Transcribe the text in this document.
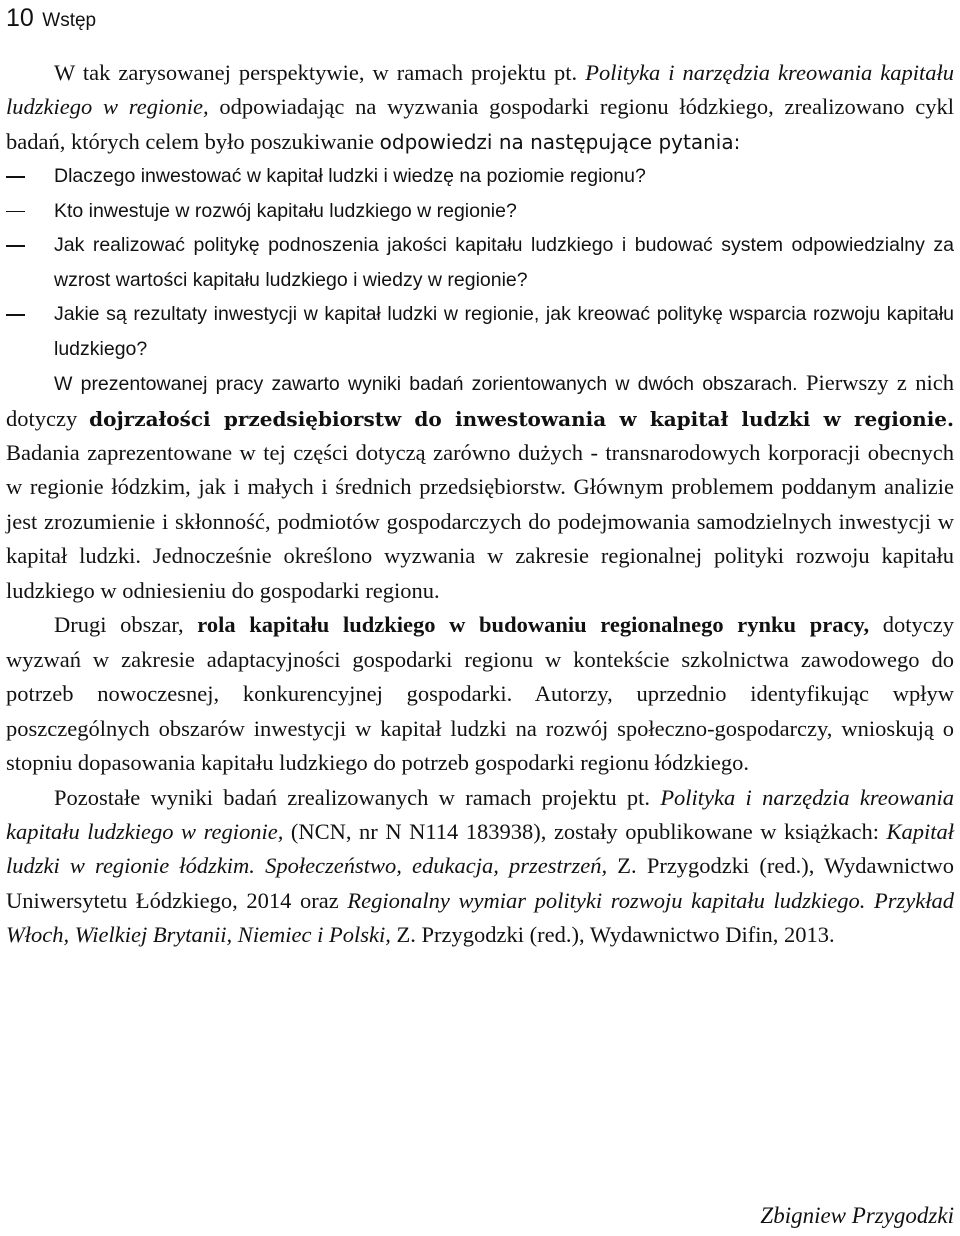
10 Wstęp

W tak zarysowanej perspektywie, w ramach projektu pt. Polityka i narzędzia kreowania kapitału ludzkiego w regionie, odpowiadając na wyzwania gospodarki regionu łódzkiego, zrealizowano cykl badań, których celem było poszukiwanie odpowiedzi na następujące pytania:

Dlaczego inwestować w kapitał ludzki i wiedzę na poziomie regionu?
Kto inwestuje w rozwój kapitału ludzkiego w regionie?
Jak realizować politykę podnoszenia jakości kapitału ludzkiego i budować system odpowiedzialny za wzrost wartości kapitału ludzkiego i wiedzy w regionie?
Jakie są rezultaty inwestycji w kapitał ludzki w regionie, jak kreować politykę wsparcia rozwoju kapitału ludzkiego?

W prezentowanej pracy zawarto wyniki badań zorientowanych w dwóch obszarach. Pierwszy z nich dotyczy dojrzałości przedsiębiorstw do inwestowania w kapitał ludzki w regionie. Badania zaprezentowane w tej części dotyczą zarówno dużych - transnarodowych korporacji obecnych w regionie łódzkim, jak i małych i średnich przedsiębiorstw. Głównym problemem poddanym analizie jest zrozumienie i skłonność, podmiotów gospodarczych do podejmowania samodzielnych inwestycji w kapitał ludzki. Jednocześnie określono wyzwania w zakresie regionalnej polityki rozwoju kapitału ludzkiego w odniesieniu do gospodarki regionu.

Drugi obszar, rola kapitału ludzkiego w budowaniu regionalnego rynku pracy, dotyczy wyzwań w zakresie adaptacyjności gospodarki regionu w kontekście szkolnictwa zawodowego do potrzeb nowoczesnej, konkurencyjnej gospodarki. Autorzy, uprzednio identyfikując wpływ poszczególnych obszarów inwestycji w kapitał ludzki na rozwój społeczno-gospodarczy, wnioskują o stopniu dopasowania kapitału ludzkiego do potrzeb gospodarki regionu łódzkiego.

Pozostałe wyniki badań zrealizowanych w ramach projektu pt. Polityka i narzędzia kreowania kapitału ludzkiego w regionie, (NCN, nr N N114 183938), zostały opublikowane w książkach: Kapitał ludzki w regionie łódzkim. Społeczeństwo, edukacja, przestrzeń, Z. Przygodzki (red.), Wydawnictwo Uniwersytetu Łódzkiego, 2014 oraz Regionalny wymiar polityki rozwoju kapitału ludzkiego. Przykład Włoch, Wielkiej Brytanii, Niemiec i Polski, Z. Przygodzki (red.), Wydawnictwo Difin, 2013.

Zbigniew Przygodzki
